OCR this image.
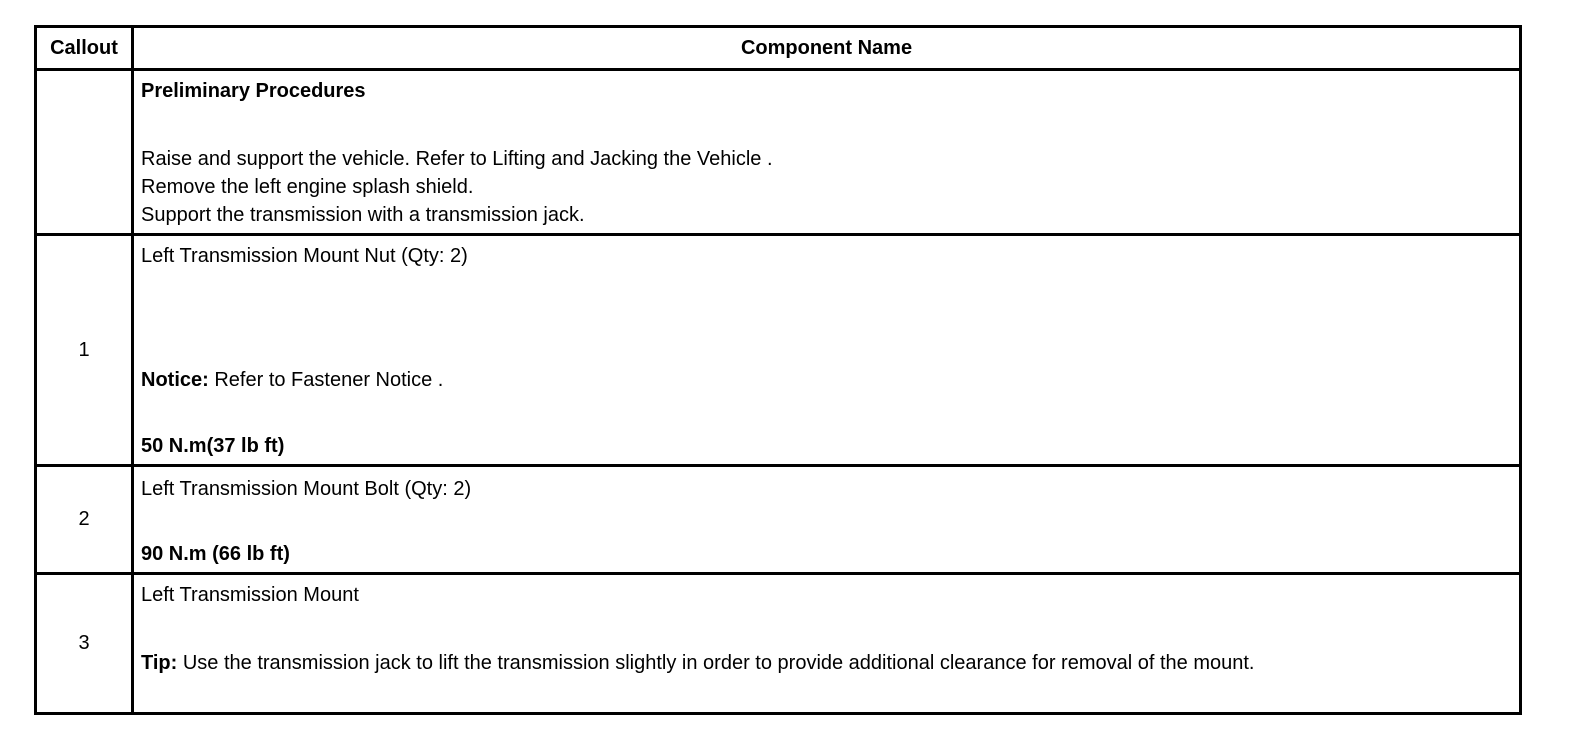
Callout	Component Name
Preliminary Procedures
Raise and support the vehicle. Refer to Lifting and Jacking the Vehicle .
Remove the left engine splash shield.
Support the transmission with a transmission jack.
1
Left Transmission Mount Nut (Qty: 2)
Notice: Refer to Fastener Notice .
50 N.m(37 lb ft)
2
Left Transmission Mount Bolt (Qty: 2)
90 N.m (66 lb ft)
3
Left Transmission Mount
Tip: Use the transmission jack to lift the transmission slightly in order to provide additional clearance for removal of the mount.
